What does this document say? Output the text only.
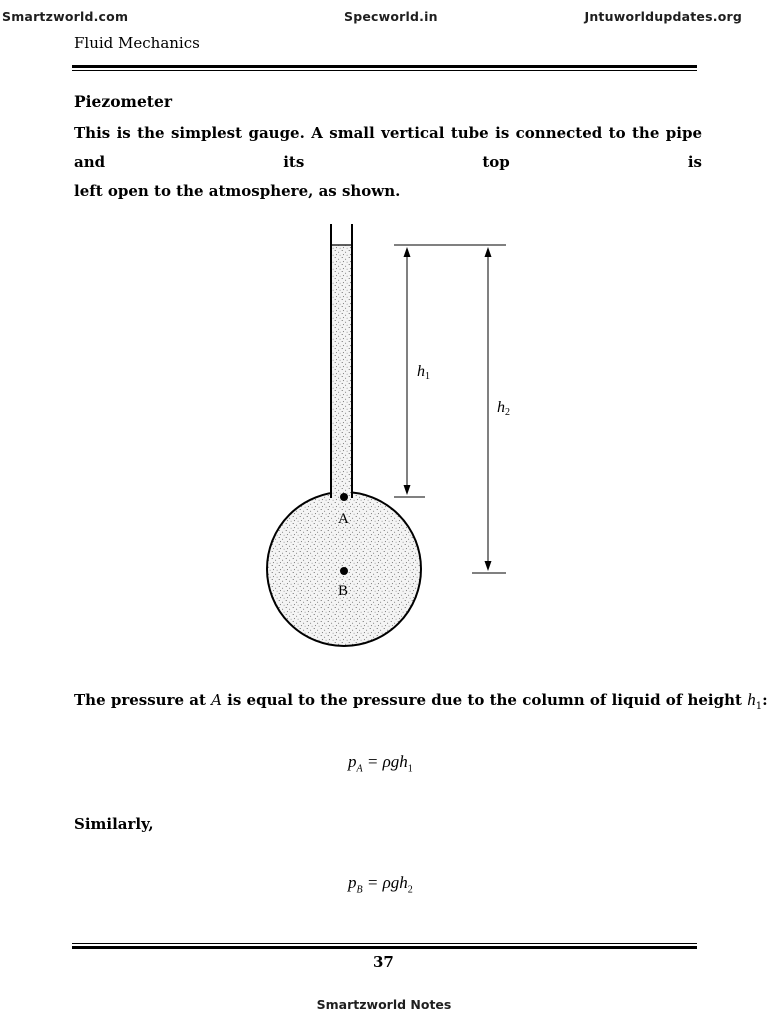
Smartzworld.com	Specworld.in	Jntuworldupdates.org
Fluid Mechanics
Piezometer
This is the simplest gauge. A small vertical tube is connected to the pipe and its top is
left open to the atmosphere, as shown.
A
B
h1
h2
The pressure at A is equal to the pressure due to the column of liquid of height $h_1$:
$p_A = \rho gh_1$
Similarly,
$p_B = \rho gh_2$
37
Smartzworld Notes
